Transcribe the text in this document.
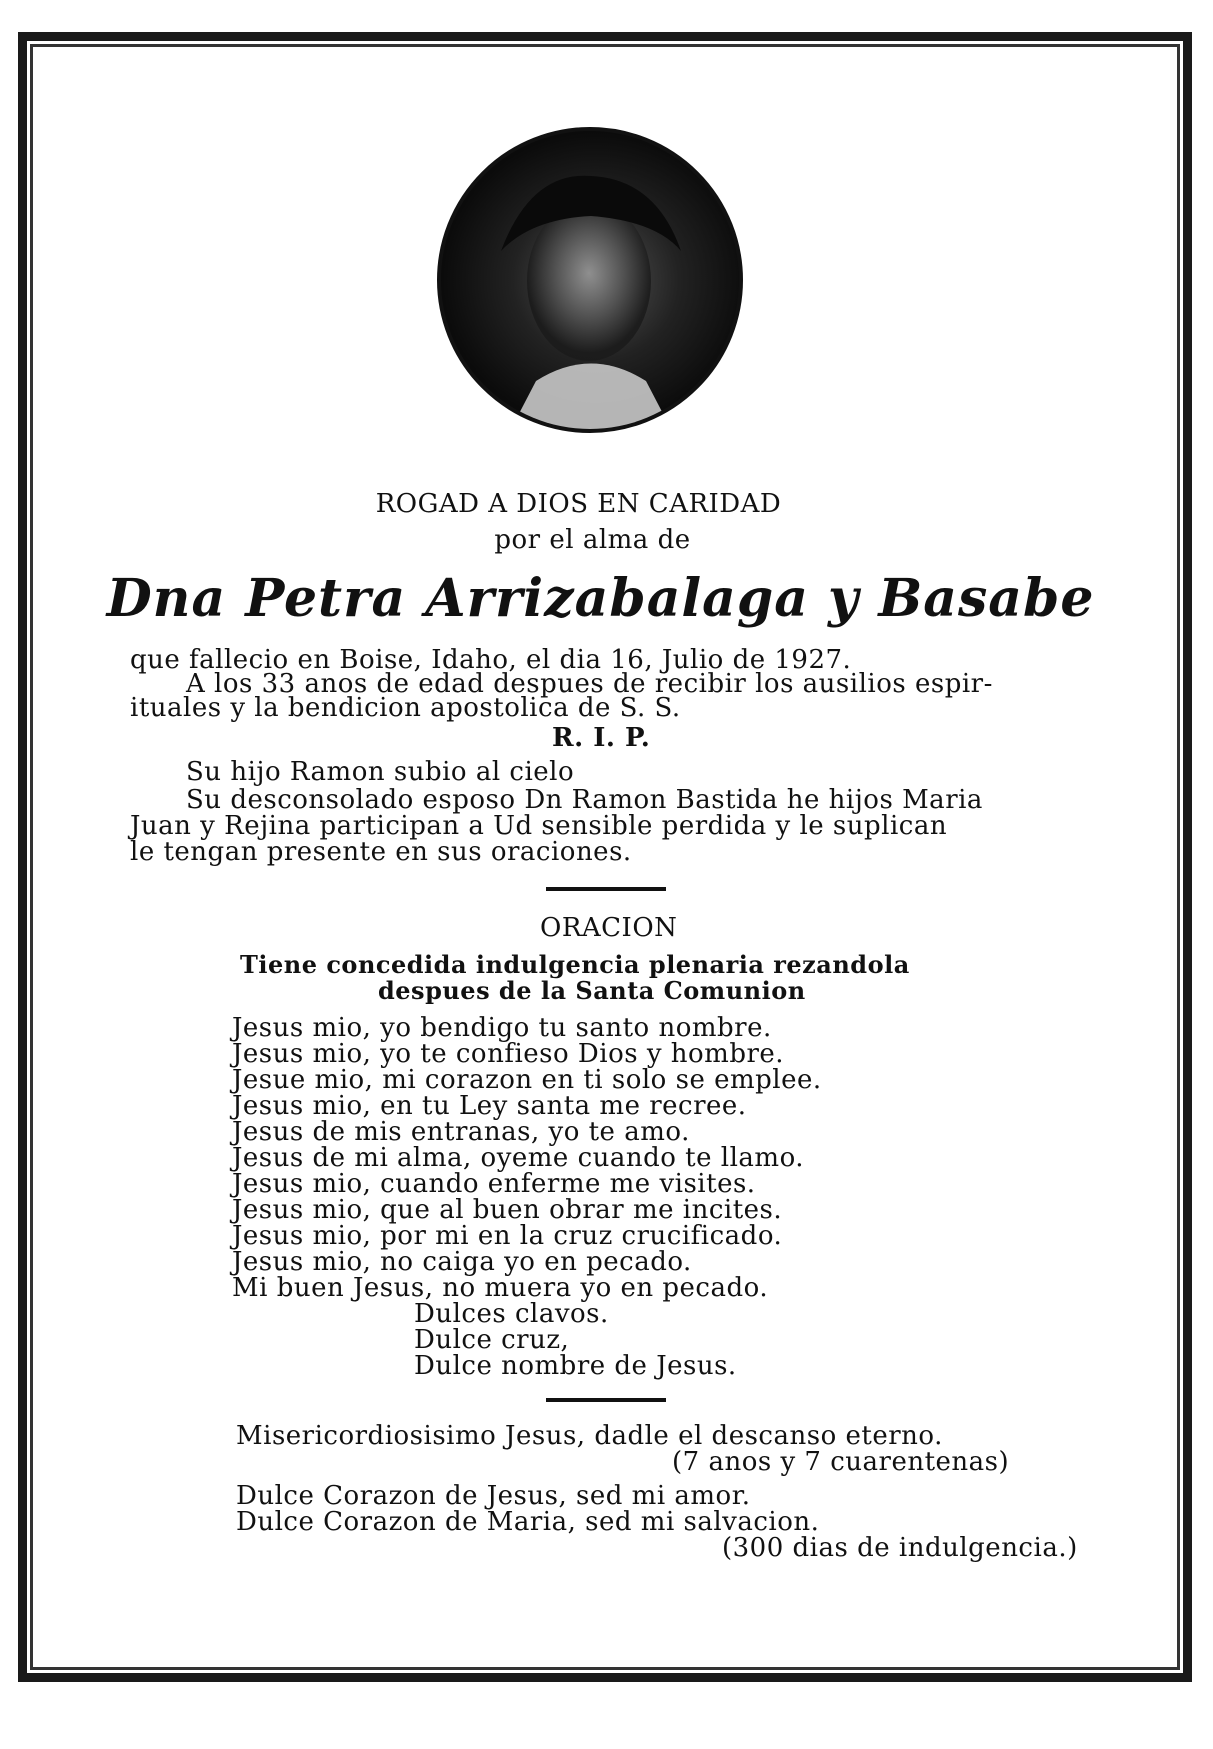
ROGAD A DIOS EN CARIDAD
por el alma de
Dna Petra Arrizabalaga y Basabe
que fallecio en Boise, Idaho, el dia 16, Julio de 1927.
A los 33 anos de edad despues de recibir los ausilios espir-
ituales y la bendicion apostolica de S. S.
R. I. P.
Su hijo Ramon subio al cielo
Su desconsolado esposo Dn Ramon Bastida he hijos Maria
Juan y Rejina participan a Ud sensible perdida y le suplican
le tengan presente en sus oraciones.
ORACION
Tiene concedida indulgencia plenaria rezandola
despues de la Santa Comunion
Jesus mio, yo bendigo tu santo nombre.
Jesus mio, yo te confieso Dios y hombre.
Jesue mio, mi corazon en ti solo se emplee.
Jesus mio, en tu Ley santa me recree.
Jesus de mis entranas, yo te amo.
Jesus de mi alma, oyeme cuando te llamo.
Jesus mio, cuando enferme me visites.
Jesus mio, que al buen obrar me incites.
Jesus mio, por mi en la cruz crucificado.
Jesus mio, no caiga yo en pecado.
Mi buen Jesus, no muera yo en pecado.
Dulces clavos.
Dulce cruz,
Dulce nombre de Jesus.
Misericordiosisimo Jesus, dadle el descanso eterno.
(7 anos y 7 cuarentenas)
Dulce Corazon de Jesus, sed mi amor.
Dulce Corazon de Maria, sed mi salvacion.
(300 dias de indulgencia.)
